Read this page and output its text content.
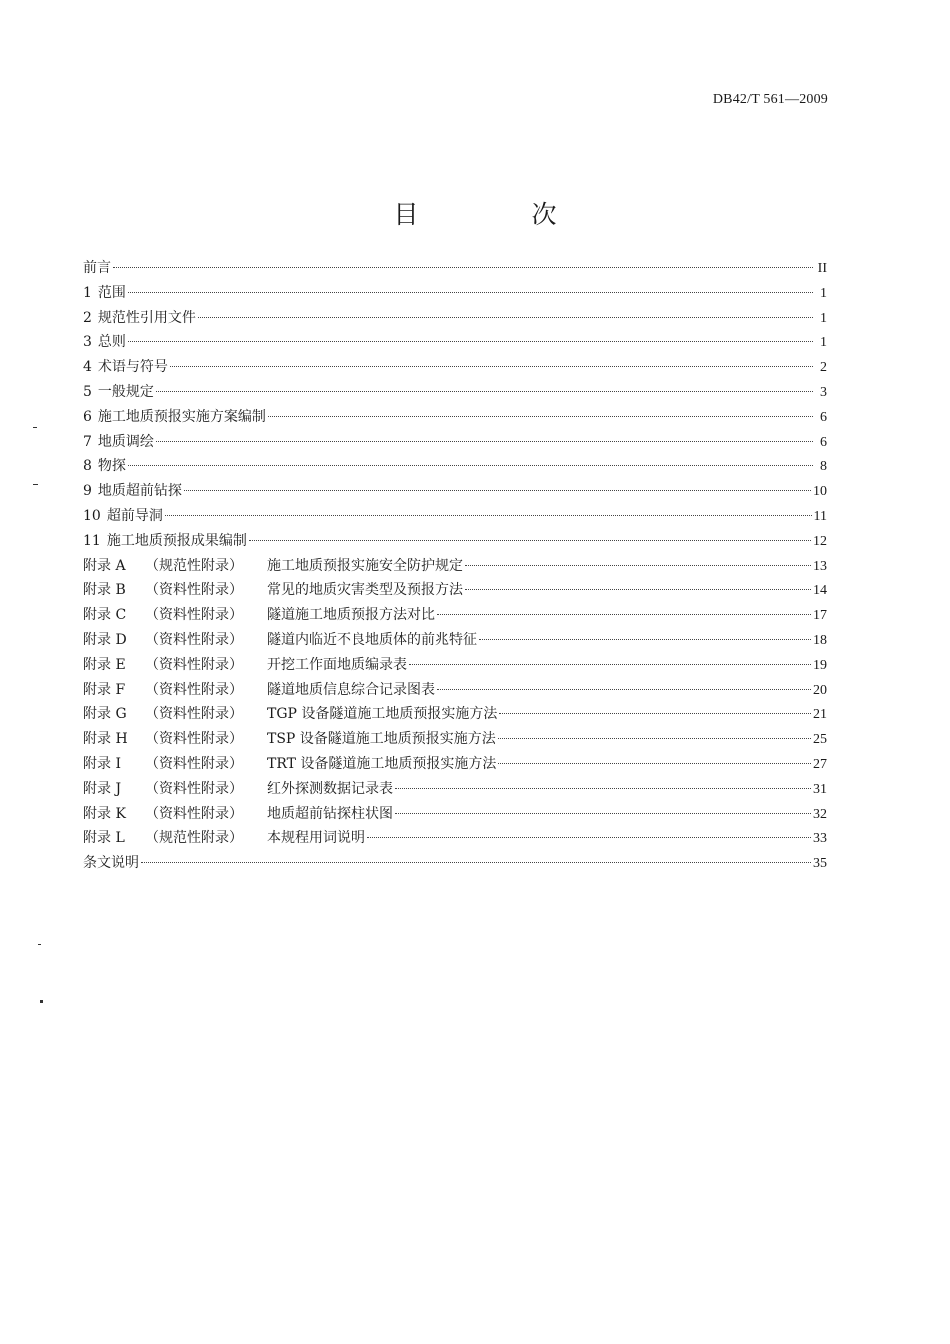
DB42/T 561—2009
目　次
前言	II
1 范围	1
2 规范性引用文件	1
3 总则	1
4 术语与符号	2
5 一般规定	3
6 施工地质预报实施方案编制	6
7 地质调绘	6
8 物探	8
9 地质超前钻探	10
10 超前导洞	11
11 施工地质预报成果编制	12
附录 A	（规范性附录）	施工地质预报实施安全防护规定	13
附录 B	（资料性附录）	常见的地质灾害类型及预报方法	14
附录 C	（资料性附录）	隧道施工地质预报方法对比	17
附录 D	（资料性附录）	隧道内临近不良地质体的前兆特征	18
附录 E	（资料性附录）	开挖工作面地质编录表	19
附录 F	（资料性附录）	隧道地质信息综合记录图表	20
附录 G	（资料性附录）	TGP 设备隧道施工地质预报实施方法	21
附录 H	（资料性附录）	TSP 设备隧道施工地质预报实施方法	25
附录 I	（资料性附录）	TRT 设备隧道施工地质预报实施方法	27
附录 J	（资料性附录）	红外探测数据记录表	31
附录 K	（资料性附录）	地质超前钻探柱状图	32
附录 L	（规范性附录）	本规程用词说明	33
条文说明	35
